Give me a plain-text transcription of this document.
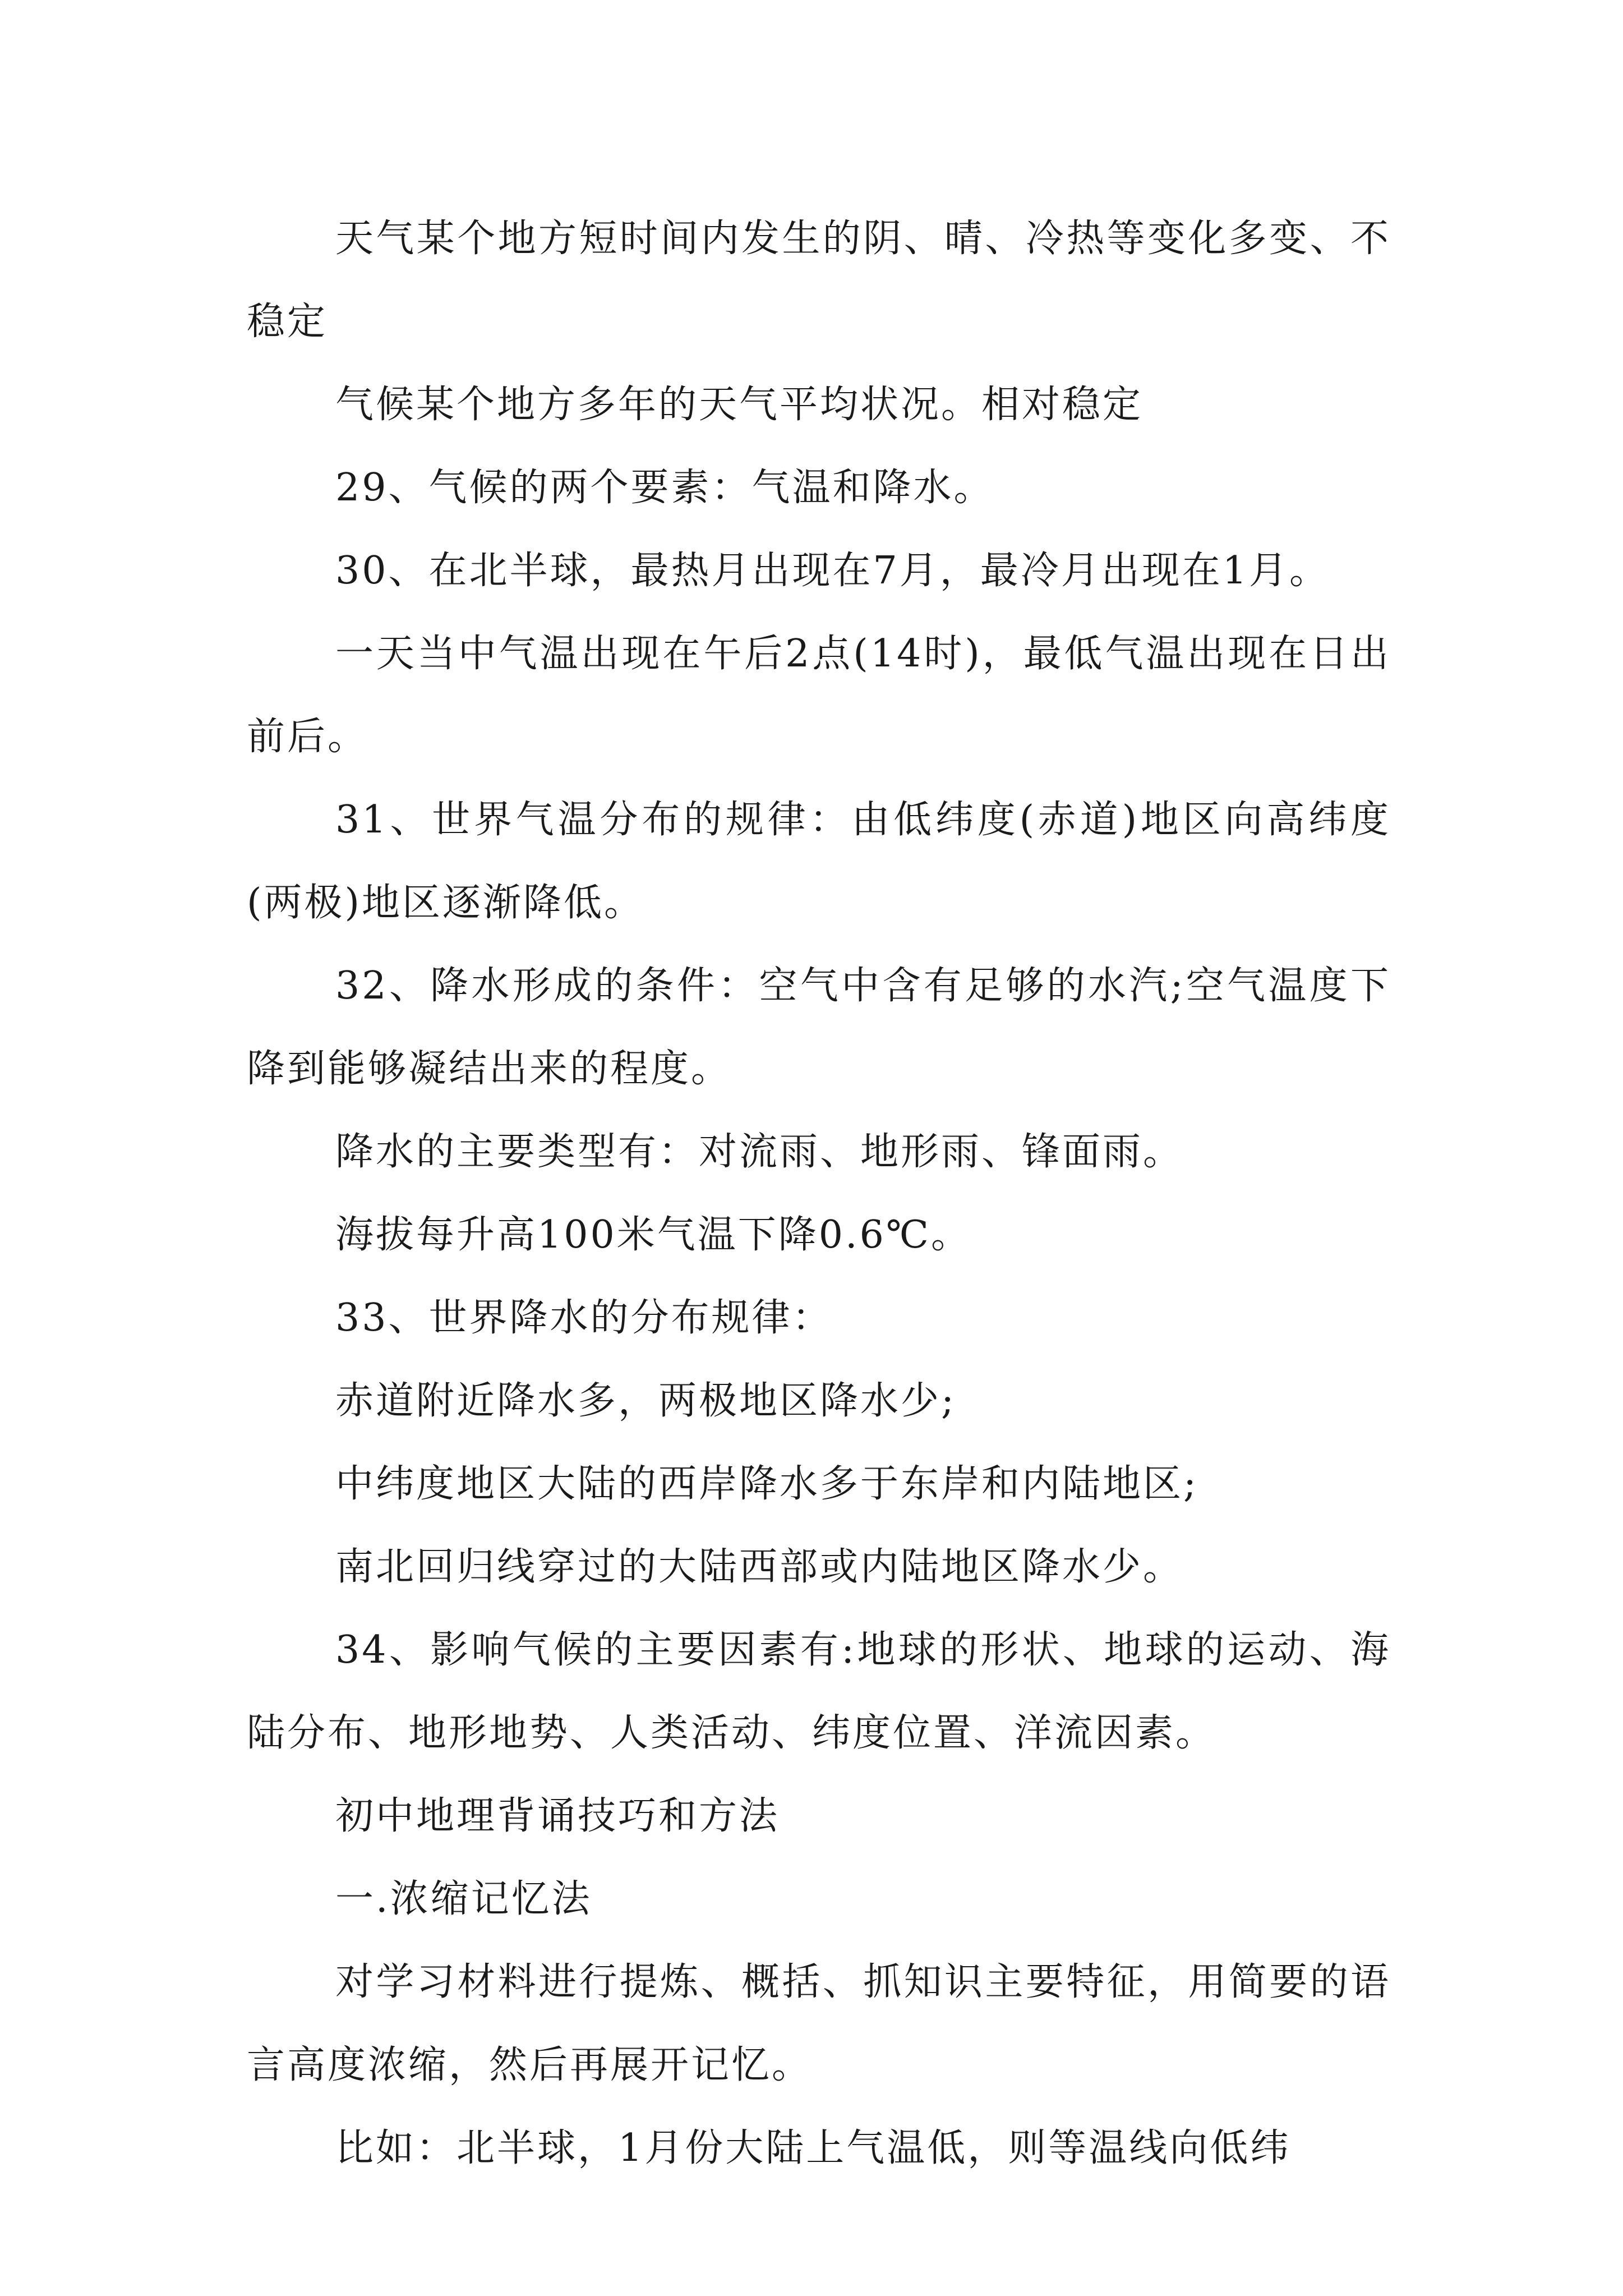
天气某个地方短时间内发生的阴、晴、冷热等变化多变、不稳定

气候某个地方多年的天气平均状况。相对稳定

29、气候的两个要素：气温和降水。

30、在北半球，最热月出现在7月，最冷月出现在1月。

一天当中气温出现在午后2点(14时)，最低气温出现在日出前后。

31、世界气温分布的规律：由低纬度(赤道)地区向高纬度(两极)地区逐渐降低。

32、降水形成的条件：空气中含有足够的水汽;空气温度下降到能够凝结出来的程度。

降水的主要类型有：对流雨、地形雨、锋面雨。

海拔每升高100米气温下降0.6℃。

33、世界降水的分布规律：

赤道附近降水多，两极地区降水少;

中纬度地区大陆的西岸降水多于东岸和内陆地区;

南北回归线穿过的大陆西部或内陆地区降水少。

34、影响气候的主要因素有:地球的形状、地球的运动、海陆分布、地形地势、人类活动、纬度位置、洋流因素。

初中地理背诵技巧和方法

一.浓缩记忆法

对学习材料进行提炼、概括、抓知识主要特征，用简要的语言高度浓缩，然后再展开记忆。

比如：北半球，1月份大陆上气温低，则等温线向低纬
